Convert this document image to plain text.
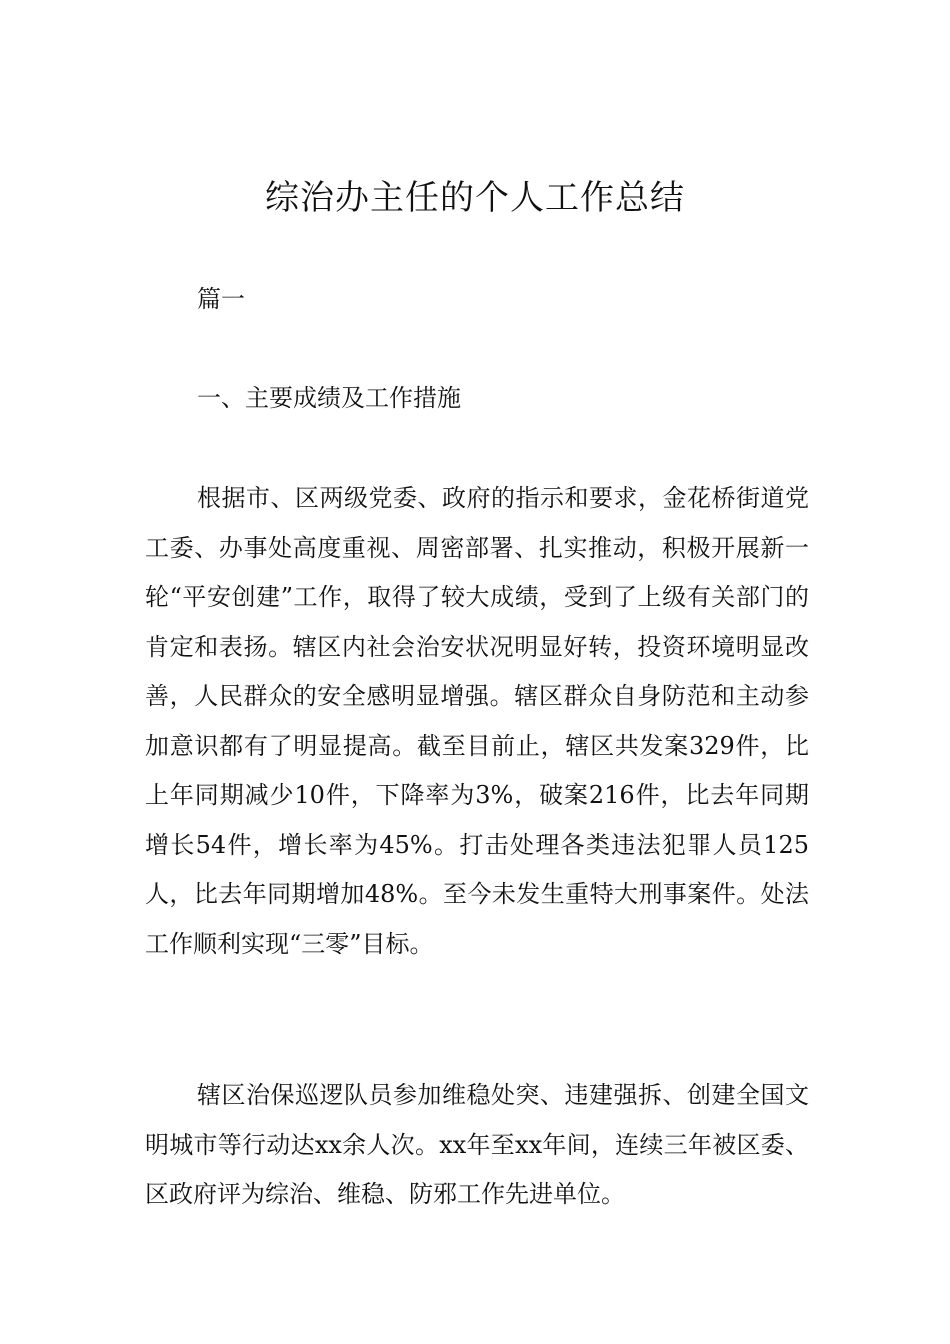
综治办主任的个人工作总结

篇一

一、主要成绩及工作措施

根据市、区两级党委、政府的指示和要求，金花桥街道党工委、办事处高度重视、周密部署、扎实推动，积极开展新一轮“平安创建”工作，取得了较大成绩，受到了上级有关部门的肯定和表扬。辖区内社会治安状况明显好转，投资环境明显改善，人民群众的安全感明显增强。辖区群众自身防范和主动参加意识都有了明显提高。截至目前止，辖区共发案329件，比上年同期减少10件，下降率为3%，破案216件，比去年同期增长54件，增长率为45%。打击处理各类违法犯罪人员125人，比去年同期增加48%。至今未发生重特大刑事案件。处法工作顺利实现“三零”目标。

辖区治保巡逻队员参加维稳处突、违建强拆、创建全国文明城市等行动达xx余人次。xx年至xx年间，连续三年被区委、区政府评为综治、维稳、防邪工作先进单位。
